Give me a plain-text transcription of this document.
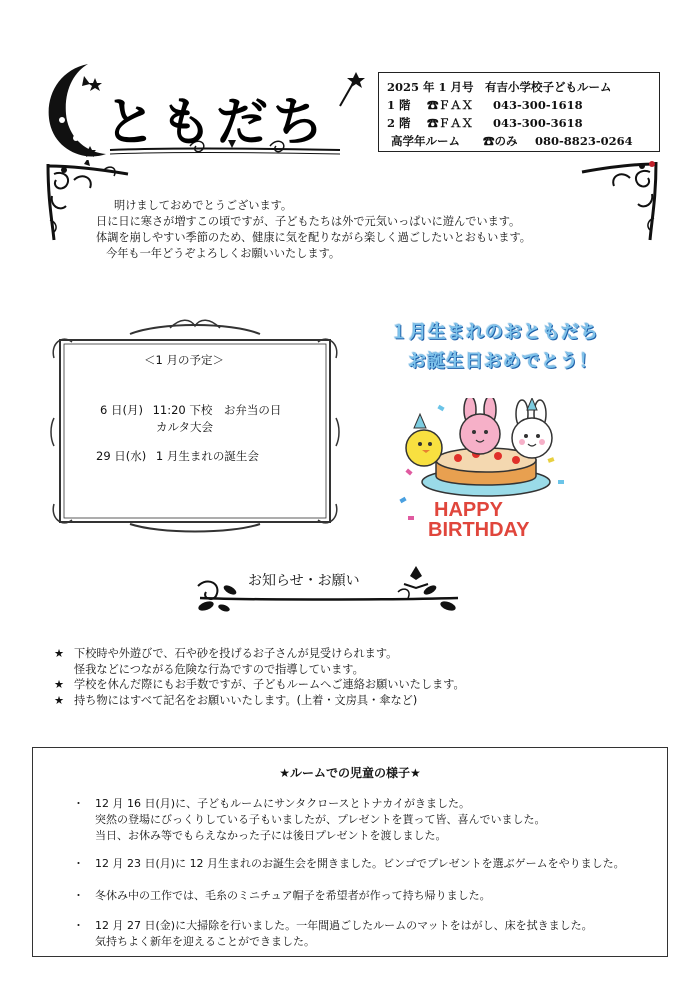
ともだち
2025 年 1 月号　有吉小学校子どもルーム
1 階 ☎ＦＡＸ 043-300-1618
2 階 ☎ＦＡＸ 043-300-3618
高学年ルーム ☎のみ 080-8823-0264

明けましておめでとうございます。

日に日に寒さが増すこの頃ですが、子どもたちは外で元気いっぱいに遊んでいます。

体調を崩しやすい季節のため、健康に気を配りながら楽しく過ごしたいとおもいます。

今年も一年どうぞよろしくお願いいたします。

＜1 月の予定＞
6 日(月) 11:20 下校　お弁当の日
カルタ大会
29 日(水) 1 月生まれの誕生会
１月生まれのおともだち
お誕生日おめでとう！
HAPPY
BIRTHDAY
お知らせ・お願い
★ 下校時や外遊びで、石や砂を投げるお子さんが見受けられます。
怪我などにつながる危険な行為ですので指導しています。
★ 学校を休んだ際にもお手数ですが、子どもルームへご連絡お願いいたします。
★ 持ち物にはすべて記名をお願いいたします。(上着・文房具・傘など)
★ルームでの児童の様子★
・ 12 月 16 日(月)に、子どもルームにサンタクロースとトナカイがきました。
突然の登場にびっくりしている子もいましたが、プレゼントを貰って皆、喜んでいました。
当日、お休み等でもらえなかった子には後日プレゼントを渡しました。
・ 12 月 23 日(月)に 12 月生まれのお誕生会を開きました。ビンゴでプレゼントを選ぶゲームをやりました。
・ 冬休み中の工作では、毛糸のミニチュア帽子を希望者が作って持ち帰りました。
・ 12 月 27 日(金)に大掃除を行いました。一年間過ごしたルームのマットをはがし、床を拭きました。
気持ちよく新年を迎えることができました。
